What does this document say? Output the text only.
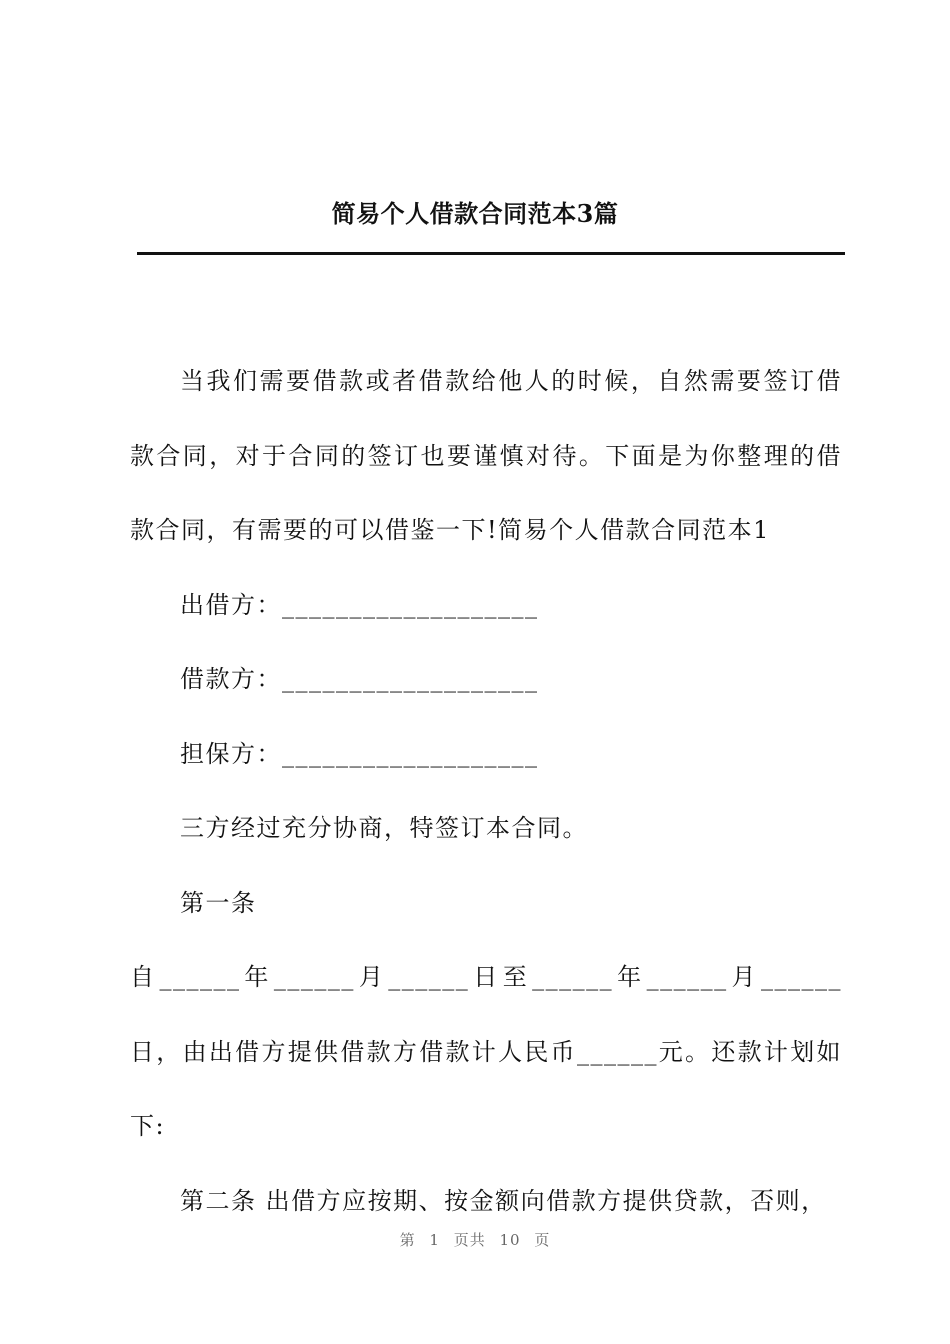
简易个人借款合同范本3篇

当我们需要借款或者借款给他人的时候，自然需要签订借款合同，对于合同的签订也要谨慎对待。下面是为你整理的借款合同，有需要的可以借鉴一下!简易个人借款合同范本1

出借方：___________________

借款方：___________________

担保方：___________________

三方经过充分协商，特签订本合同。

第一条

自______年______月______日至______年______月______日，由出借方提供借款方借款计人民币______元。还款计划如下:

第二条 出借方应按期、按金额向借款方提供贷款，否则，

第 1 页共 10 页
